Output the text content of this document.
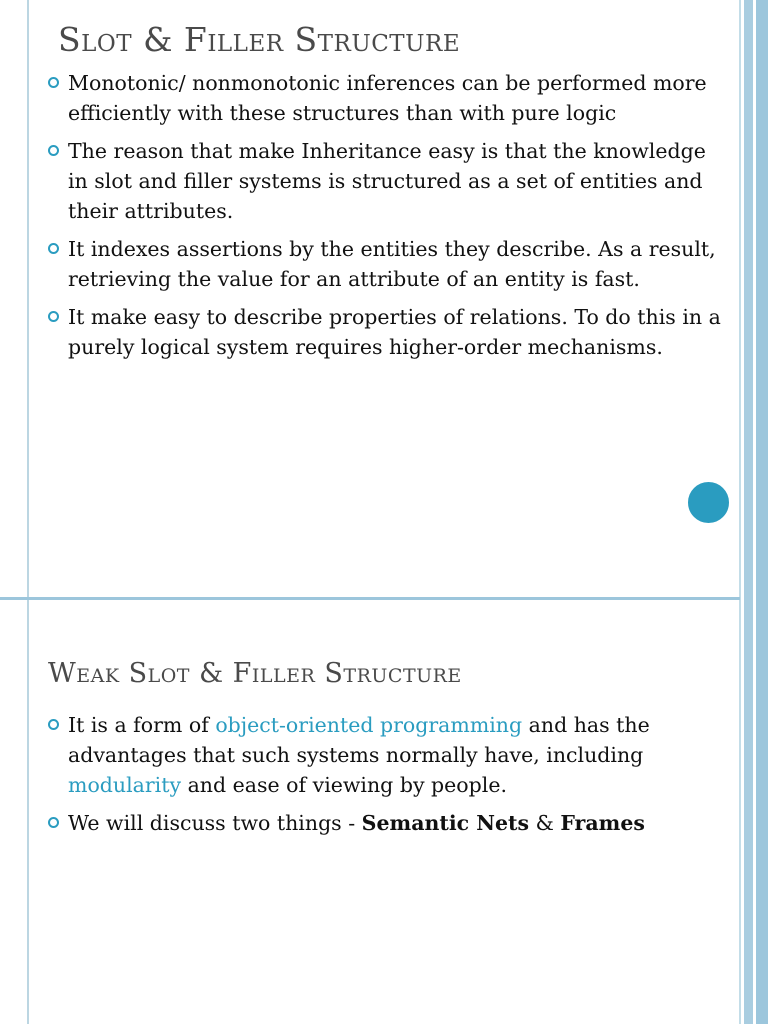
Slot & Filler Structure
Monotonic/ nonmonotonic inferences can be performed more efficiently with these structures than with pure logic
The reason that make Inheritance easy is that the knowledge in slot and filler systems is structured as a set of entities and their attributes.
It indexes assertions by the entities they describe. As a result, retrieving the value for an attribute of an entity is fast.
It make easy to describe properties of relations. To do this in a purely logical system requires higher-order mechanisms.
Weak Slot & Filler Structure
It is a form of object-oriented programming and has the advantages that such systems normally have, including modularity and ease of viewing by people.
We will discuss two things - Semantic Nets & Frames
